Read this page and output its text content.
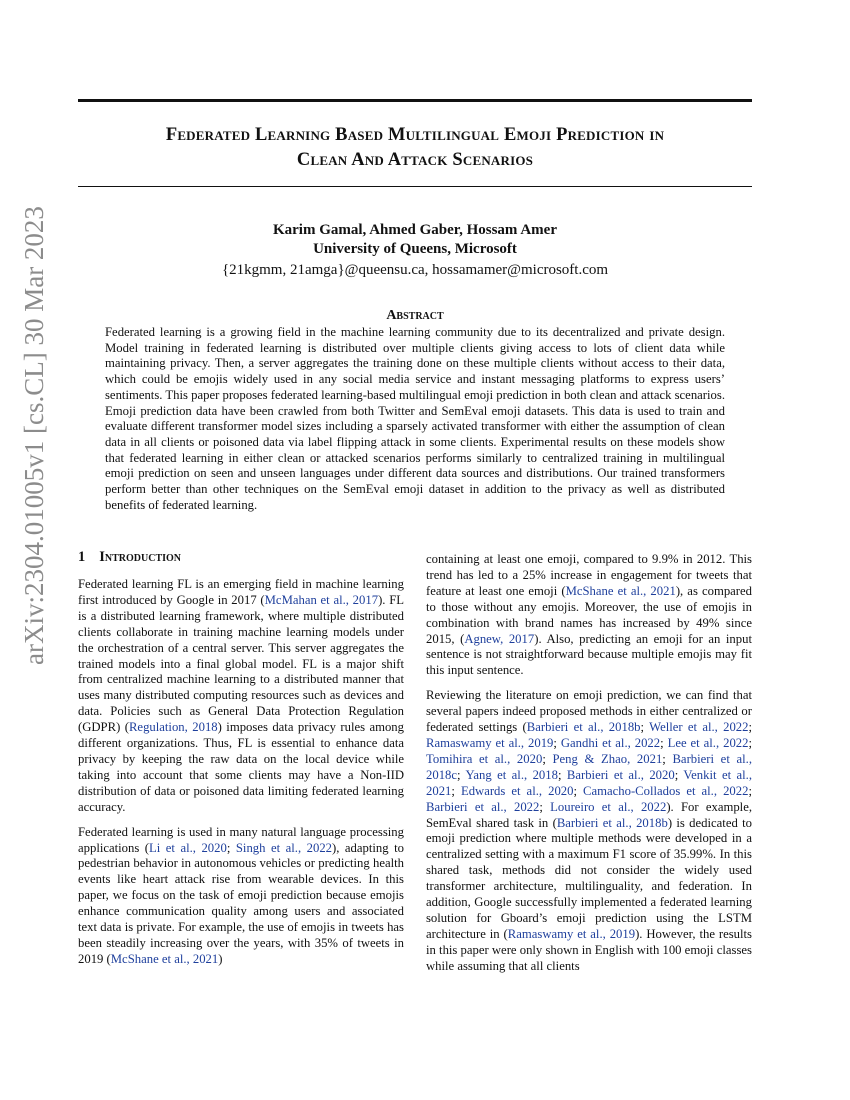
Federated Learning Based Multilingual Emoji Prediction in
Clean And Attack Scenarios
Karim Gamal, Ahmed Gaber, Hossam Amer
University of Queens, Microsoft
{21kgmm, 21amga}@queensu.ca, hossamamer@microsoft.com
arXiv:2304.01005v1 [cs.CL] 30 Mar 2023	Abstract
Federated learning is a growing field in the machine learning community due to its decentralized and private design. Model training in federated learning is distributed over multiple clients giving access to lots of client data while maintaining privacy. Then, a server aggregates the training done on these multiple clients without access to their data, which could be emojis widely used in any social media service and instant messaging platforms to express users’ sentiments. This paper proposes federated learning-based multilingual emoji prediction in both clean and attack scenarios. Emoji prediction data have been crawled from both Twitter and SemEval emoji datasets. This data is used to train and evaluate different transformer model sizes including a sparsely activated transformer with either the assumption of clean data in all clients or poisoned data via label flipping attack in some clients. Experimental results on these models show that federated learning in either clean or attacked scenarios performs similarly to centralized training in multilingual emoji prediction on seen and unseen languages under different data sources and distributions. Our trained transformers perform better than other techniques on the SemEval emoji dataset in addition to the privacy as well as distributed benefits of federated learning.
1 Introduction

Federated learning FL is an emerging field in machine learning first introduced by Google in 2017 (McMahan et al., 2017). FL is a distributed learning framework, where multiple distributed clients collaborate in training machine learning models under the orchestration of a central server. This server aggregates the trained models into a final global model. FL is a major shift from centralized machine learning to a distributed manner that uses many distributed computing resources such as devices and data. Policies such as General Data Protection Regulation (GDPR) (Regulation, 2018) imposes data privacy rules among different organizations. Thus, FL is essential to enhance data privacy by keeping the raw data on the local device while taking into account that some clients may have a Non-IID distribution of data or poisoned data limiting federated learning accuracy.

Federated learning is used in many natural language processing applications (Li et al., 2020; Singh et al., 2022), adapting to pedestrian behavior in autonomous vehicles or predicting health events like heart attack rise from wearable devices. In this paper, we focus on the task of emoji prediction because emojis enhance communication quality among users and associated text data is private. For example, the use of emojis in tweets has been steadily increasing over the years, with 35% of tweets in 2019 (McShane et al., 2021)

containing at least one emoji, compared to 9.9% in 2012. This trend has led to a 25% increase in engagement for tweets that feature at least one emoji (McShane et al., 2021), as compared to those without any emojis. Moreover, the use of emojis in combination with brand names has increased by 49% since 2015, (Agnew, 2017). Also, predicting an emoji for an input sentence is not straightforward because multiple emojis may fit this input sentence.

Reviewing the literature on emoji prediction, we can find that several papers indeed proposed methods in either centralized or federated settings (Barbieri et al., 2018b; Weller et al., 2022; Ramaswamy et al., 2019; Gandhi et al., 2022; Lee et al., 2022; Tomihira et al., 2020; Peng & Zhao, 2021; Barbieri et al., 2018c; Yang et al., 2018; Barbieri et al., 2020; Venkit et al., 2021; Edwards et al., 2020; Camacho-Collados et al., 2022; Barbieri et al., 2022; Loureiro et al., 2022). For example, SemEval shared task in (Barbieri et al., 2018b) is dedicated to emoji prediction where multiple methods were developed in a centralized setting with a maximum F1 score of 35.99%. In this shared task, methods did not consider the widely used transformer architecture, multilinguality, and federation. In addition, Google successfully implemented a federated learning solution for Gboard’s emoji prediction using the LSTM architecture in (Ramaswamy et al., 2019). However, the results in this paper were only shown in English with 100 emoji classes while assuming that all clients
